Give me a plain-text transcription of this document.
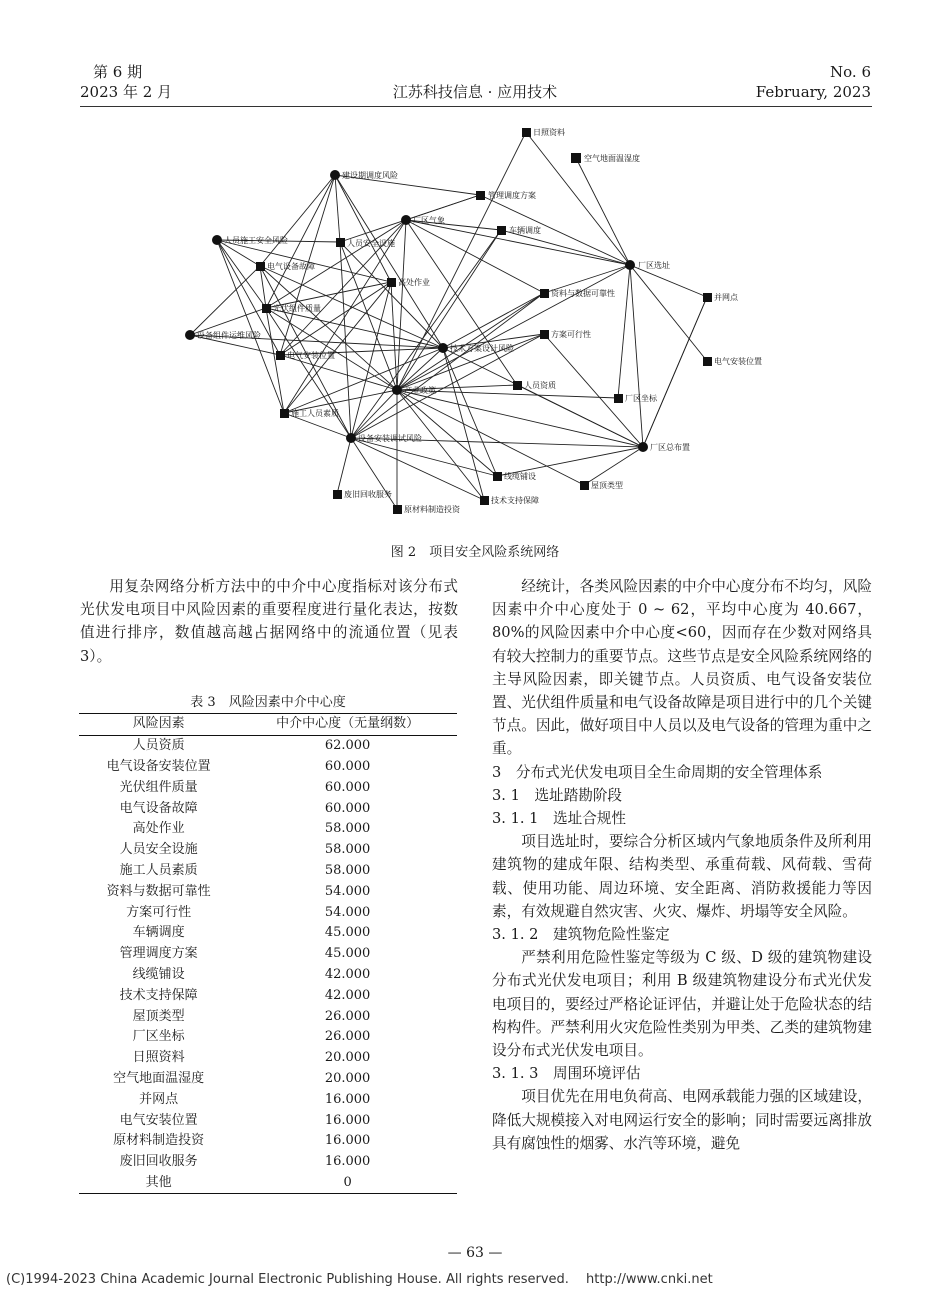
第 6 期
2023 年 2 月	江苏科技信息 · 应用技术
No. 6
February, 2023
日照资料
空气地面温湿度
建设期调度风险
管理调度方案
厂区气象
车辆调度
人员施工安全风险	人员安全设施
电气设备故障	厂区选址
高处作业
资料与数据可靠性	并网点
光伏组件质量
设备组件运维风险	方案可行性
技术方案设计风险
电气安装位置
电气安装位置
产业政策
人员资质
厂区坐标
施工人员素质
设备安装调试风险
厂区总布置
线缆铺设
屋顶类型
废旧回收服务
技术支持保障
原材料制造投资
图 2　项目安全风险系统网络

用复杂网络分析方法中的中介中心度指标对该分布式光伏发电项目中风险因素的重要程度进行量化表达，按数值进行排序，数值越高越占据网络中的流通位置（见表 3）。

表 3　风险因素中介中心度
风险因素	中介中心度（无量纲数）
人员资质	62.000
电气设备安装位置	60.000
光伏组件质量	60.000
电气设备故障	60.000
高处作业	58.000
人员安全设施	58.000
施工人员素质	58.000
资料与数据可靠性	54.000
方案可行性	54.000
车辆调度	45.000
管理调度方案	45.000
线缆铺设	42.000
技术支持保障	42.000
屋顶类型	26.000
厂区坐标	26.000
日照资料	20.000
空气地面温湿度	20.000
并网点	16.000
电气安装位置	16.000
原材料制造投资	16.000
废旧回收服务	16.000
其他	0

经统计，各类风险因素的中介中心度分布不均匀，风险因素中介中心度处于 0 ~ 62，平均中心度为 40.667，80%的风险因素中介中心度<60，因而存在少数对网络具有较大控制力的重要节点。这些节点是安全风险系统网络的主导风险因素，即关键节点。人员资质、电气设备安装位置、光伏组件质量和电气设备故障是项目进行中的几个关键节点。因此，做好项目中人员以及电气设备的管理为重中之重。

3　分布式光伏发电项目全生命周期的安全管理体系

3. 1　选址踏勘阶段

3. 1. 1　选址合规性

项目选址时，要综合分析区域内气象地质条件及所利用建筑物的建成年限、结构类型、承重荷载、风荷载、雪荷载、使用功能、周边环境、安全距离、消防救援能力等因素，有效规避自然灾害、火灾、爆炸、坍塌等安全风险。

3. 1. 2　建筑物危险性鉴定

严禁利用危险性鉴定等级为 C 级、D 级的建筑物建设分布式光伏发电项目；利用 B 级建筑物建设分布式光伏发电项目的，要经过严格论证评估，并避让处于危险状态的结构构件。严禁利用火灾危险性类别为甲类、乙类的建筑物建设分布式光伏发电项目。

3. 1. 3　周围环境评估

项目优先在用电负荷高、电网承载能力强的区域建设，降低大规模接入对电网运行安全的影响；同时需要远离排放具有腐蚀性的烟雾、水汽等环境，避免

— 63 —
(C)1994-2023 China Academic Journal Electronic Publishing House. All rights reserved.　 http://www.cnki.net
